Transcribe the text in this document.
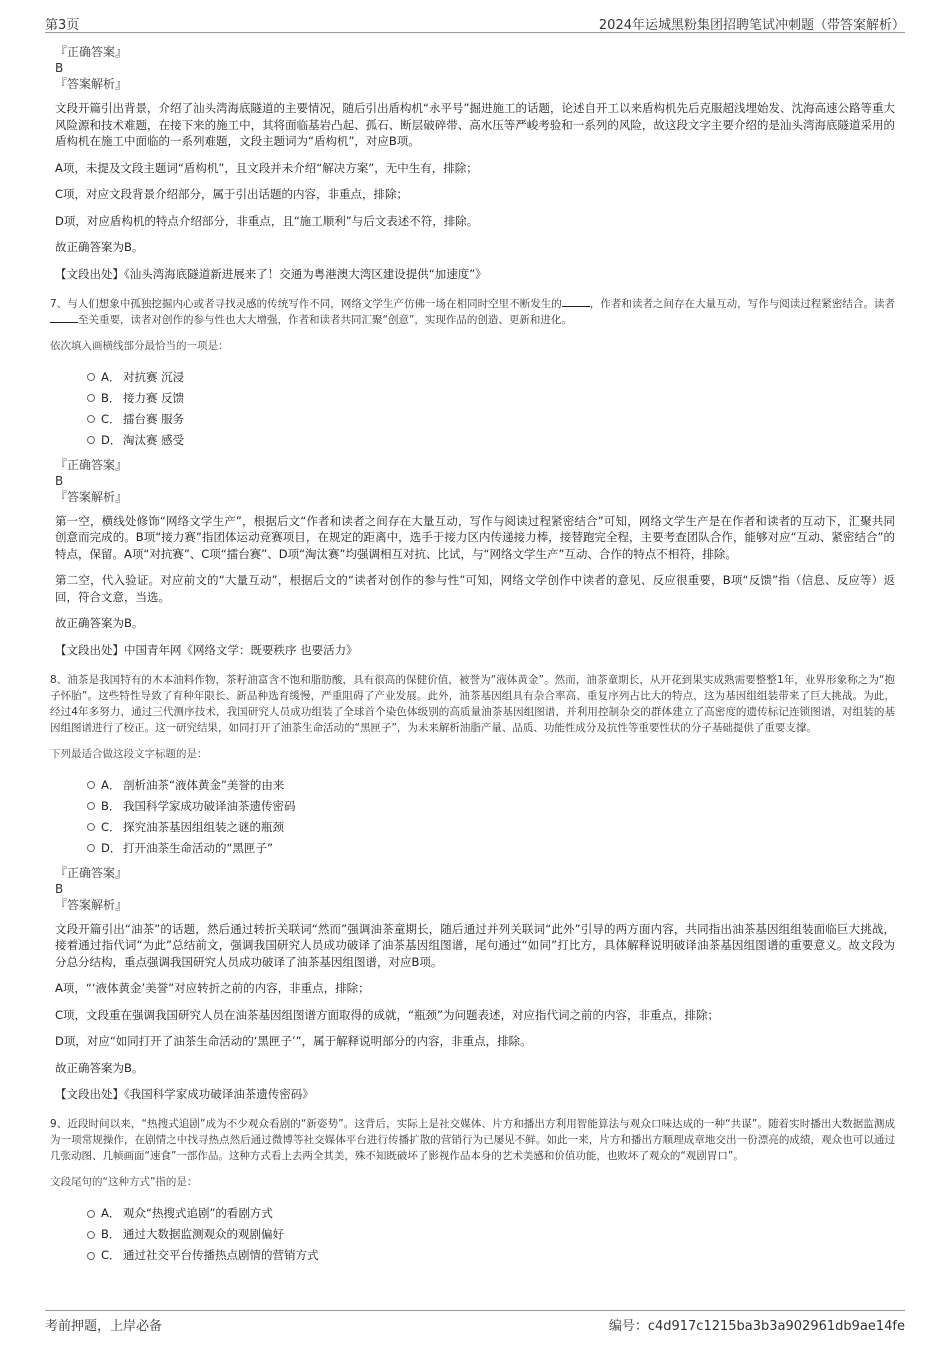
第3页	2024年运城黑粉集团招聘笔试冲刺题（带答案解析）
『正确答案』
B
『答案解析』
文段开篇引出背景，介绍了汕头湾海底隧道的主要情况，随后引出盾构机“永平号”掘进施工的话题，论述自开工以来盾构机先后克服超浅埋始发、沈海高速公路等重大风险源和技术难题，在接下来的施工中，其将面临基岩凸起、孤石、断层破碎带、高水压等严峻考验和一系列的风险，故这段文字主要介绍的是汕头湾海底隧道采用的盾构机在施工中面临的一系列难题，文段主题词为“盾构机”，对应B项。
A项，未提及文段主题词“盾构机”，且文段并未介绍“解决方案”，无中生有，排除；
C项，对应文段背景介绍部分，属于引出话题的内容，非重点，排除；
D项，对应盾构机的特点介绍部分，非重点，且“施工顺利”与后文表述不符，排除。
故正确答案为B。
【文段出处】《汕头湾海底隧道新进展来了！交通为粤港澳大湾区建设提供“加速度”》
7、与人们想象中孤独挖掘内心或者寻找灵感的传统写作不同，网络文学生产仿佛一场在相同时空里不断发生的	，作者和读者之间存在大量互动，写作与阅读过程紧密结合。读者至关重要，读者对创作的参与性也大大增强，作者和读者共同汇聚“创意”，实现作品的创造、更新和进化。
依次填入画横线部分最恰当的一项是：
A． 对抗赛 沉浸
B． 接力赛 反馈
C． 擂台赛 服务
D． 淘汰赛 感受
『正确答案』
B
『答案解析』
第一空，横线处修饰“网络文学生产”，根据后文“作者和读者之间存在大量互动，写作与阅读过程紧密结合”可知，网络文学生产是在作者和读者的互动下，汇聚共同创意而完成的。B项“接力赛”指团体运动竞赛项目，在规定的距离中，选手于接力区内传递接力棒，接替跑完全程，主要考查团队合作，能够对应“互动、紧密结合”的特点，保留。A项“对抗赛”、C项“擂台赛”、D项“淘汰赛”均强调相互对抗、比试，与“网络文学生产”互动、合作的特点不相符，排除。
第二空，代入验证。对应前文的“大量互动”，根据后文的“读者对创作的参与性”可知，网络文学创作中读者的意见、反应很重要，B项“反馈”指（信息、反应等）返回，符合文意，当选。
故正确答案为B。
【文段出处】中国青年网《网络文学：既要秩序 也要活力》
8、油茶是我国特有的木本油料作物，茶籽油富含不饱和脂肪酸，具有很高的保健价值，被誉为“液体黄金”。然而，油茶童期长，从开花到果实成熟需要整整1年，业界形象称之为“抱子怀胎”。这些特性导致了育种年限长、新品种选育缓慢，严重阻碍了产业发展。此外，油茶基因组具有杂合率高、重复序列占比大的特点，这为基因组组装带来了巨大挑战。为此，经过4年多努力，通过三代测序技术，我国研究人员成功组装了全球首个染色体级别的高质量油茶基因组图谱，并利用控制杂交的群体建立了高密度的遗传标记连锁图谱，对组装的基因组图谱进行了校正。这一研究结果，如同打开了油茶生命活动的“黑匣子”，为未来解析油脂产量、品质、功能性成分及抗性等重要性状的分子基础提供了重要支撑。
下列最适合做这段文字标题的是：
A． 剖析油茶“液体黄金”美誉的由来
B． 我国科学家成功破译油茶遗传密码
C． 探究油茶基因组组装之谜的瓶颈
D． 打开油茶生命活动的“黑匣子”
『正确答案』
B
『答案解析』
文段开篇引出“油茶”的话题，然后通过转折关联词“然而”强调油茶童期长，随后通过并列关联词“此外”引导的两方面内容，共同指出油茶基因组组装面临巨大挑战，接着通过指代词“为此”总结前文，强调我国研究人员成功破译了油茶基因组图谱，尾句通过“如同”打比方，具体解释说明破译油茶基因组图谱的重要意义。故文段为分总分结构，重点强调我国研究人员成功破译了油茶基因组图谱，对应B项。
A项，“‘液体黄金’美誉”对应转折之前的内容，非重点，排除；
C项，文段重在强调我国研究人员在油茶基因组图谱方面取得的成就，“瓶颈”为问题表述，对应指代词之前的内容，非重点，排除；
D项，对应“如同打开了油茶生命活动的‘黑匣子’”，属于解释说明部分的内容，非重点，排除。
故正确答案为B。
【文段出处】《我国科学家成功破译油茶遗传密码》
9、近段时间以来，“热搜式追剧”成为不少观众看剧的“新姿势”。这背后，实际上是社交媒体、片方和播出方利用智能算法与观众口味达成的一种“共谋”。随着实时播出大数据监测成为一项常规操作，在剧情之中找寻热点然后通过微博等社交媒体平台进行传播扩散的营销行为已屡见不鲜。如此一来，片方和播出方顺理成章地交出一份漂亮的成绩，观众也可以通过几张动图、几帧画面“速食”一部作品。这种方式看上去两全其美，殊不知既破坏了影视作品本身的艺术美感和价值功能，也败坏了观众的“观剧胃口”。
文段尾句的“这种方式”指的是：
A． 观众“热搜式追剧”的看剧方式
B． 通过大数据监测观众的观剧偏好
C． 通过社交平台传播热点剧情的营销方式
考前押题，上岸必备	编号：c4d917c1215ba3b3a902961db9ae14fe
